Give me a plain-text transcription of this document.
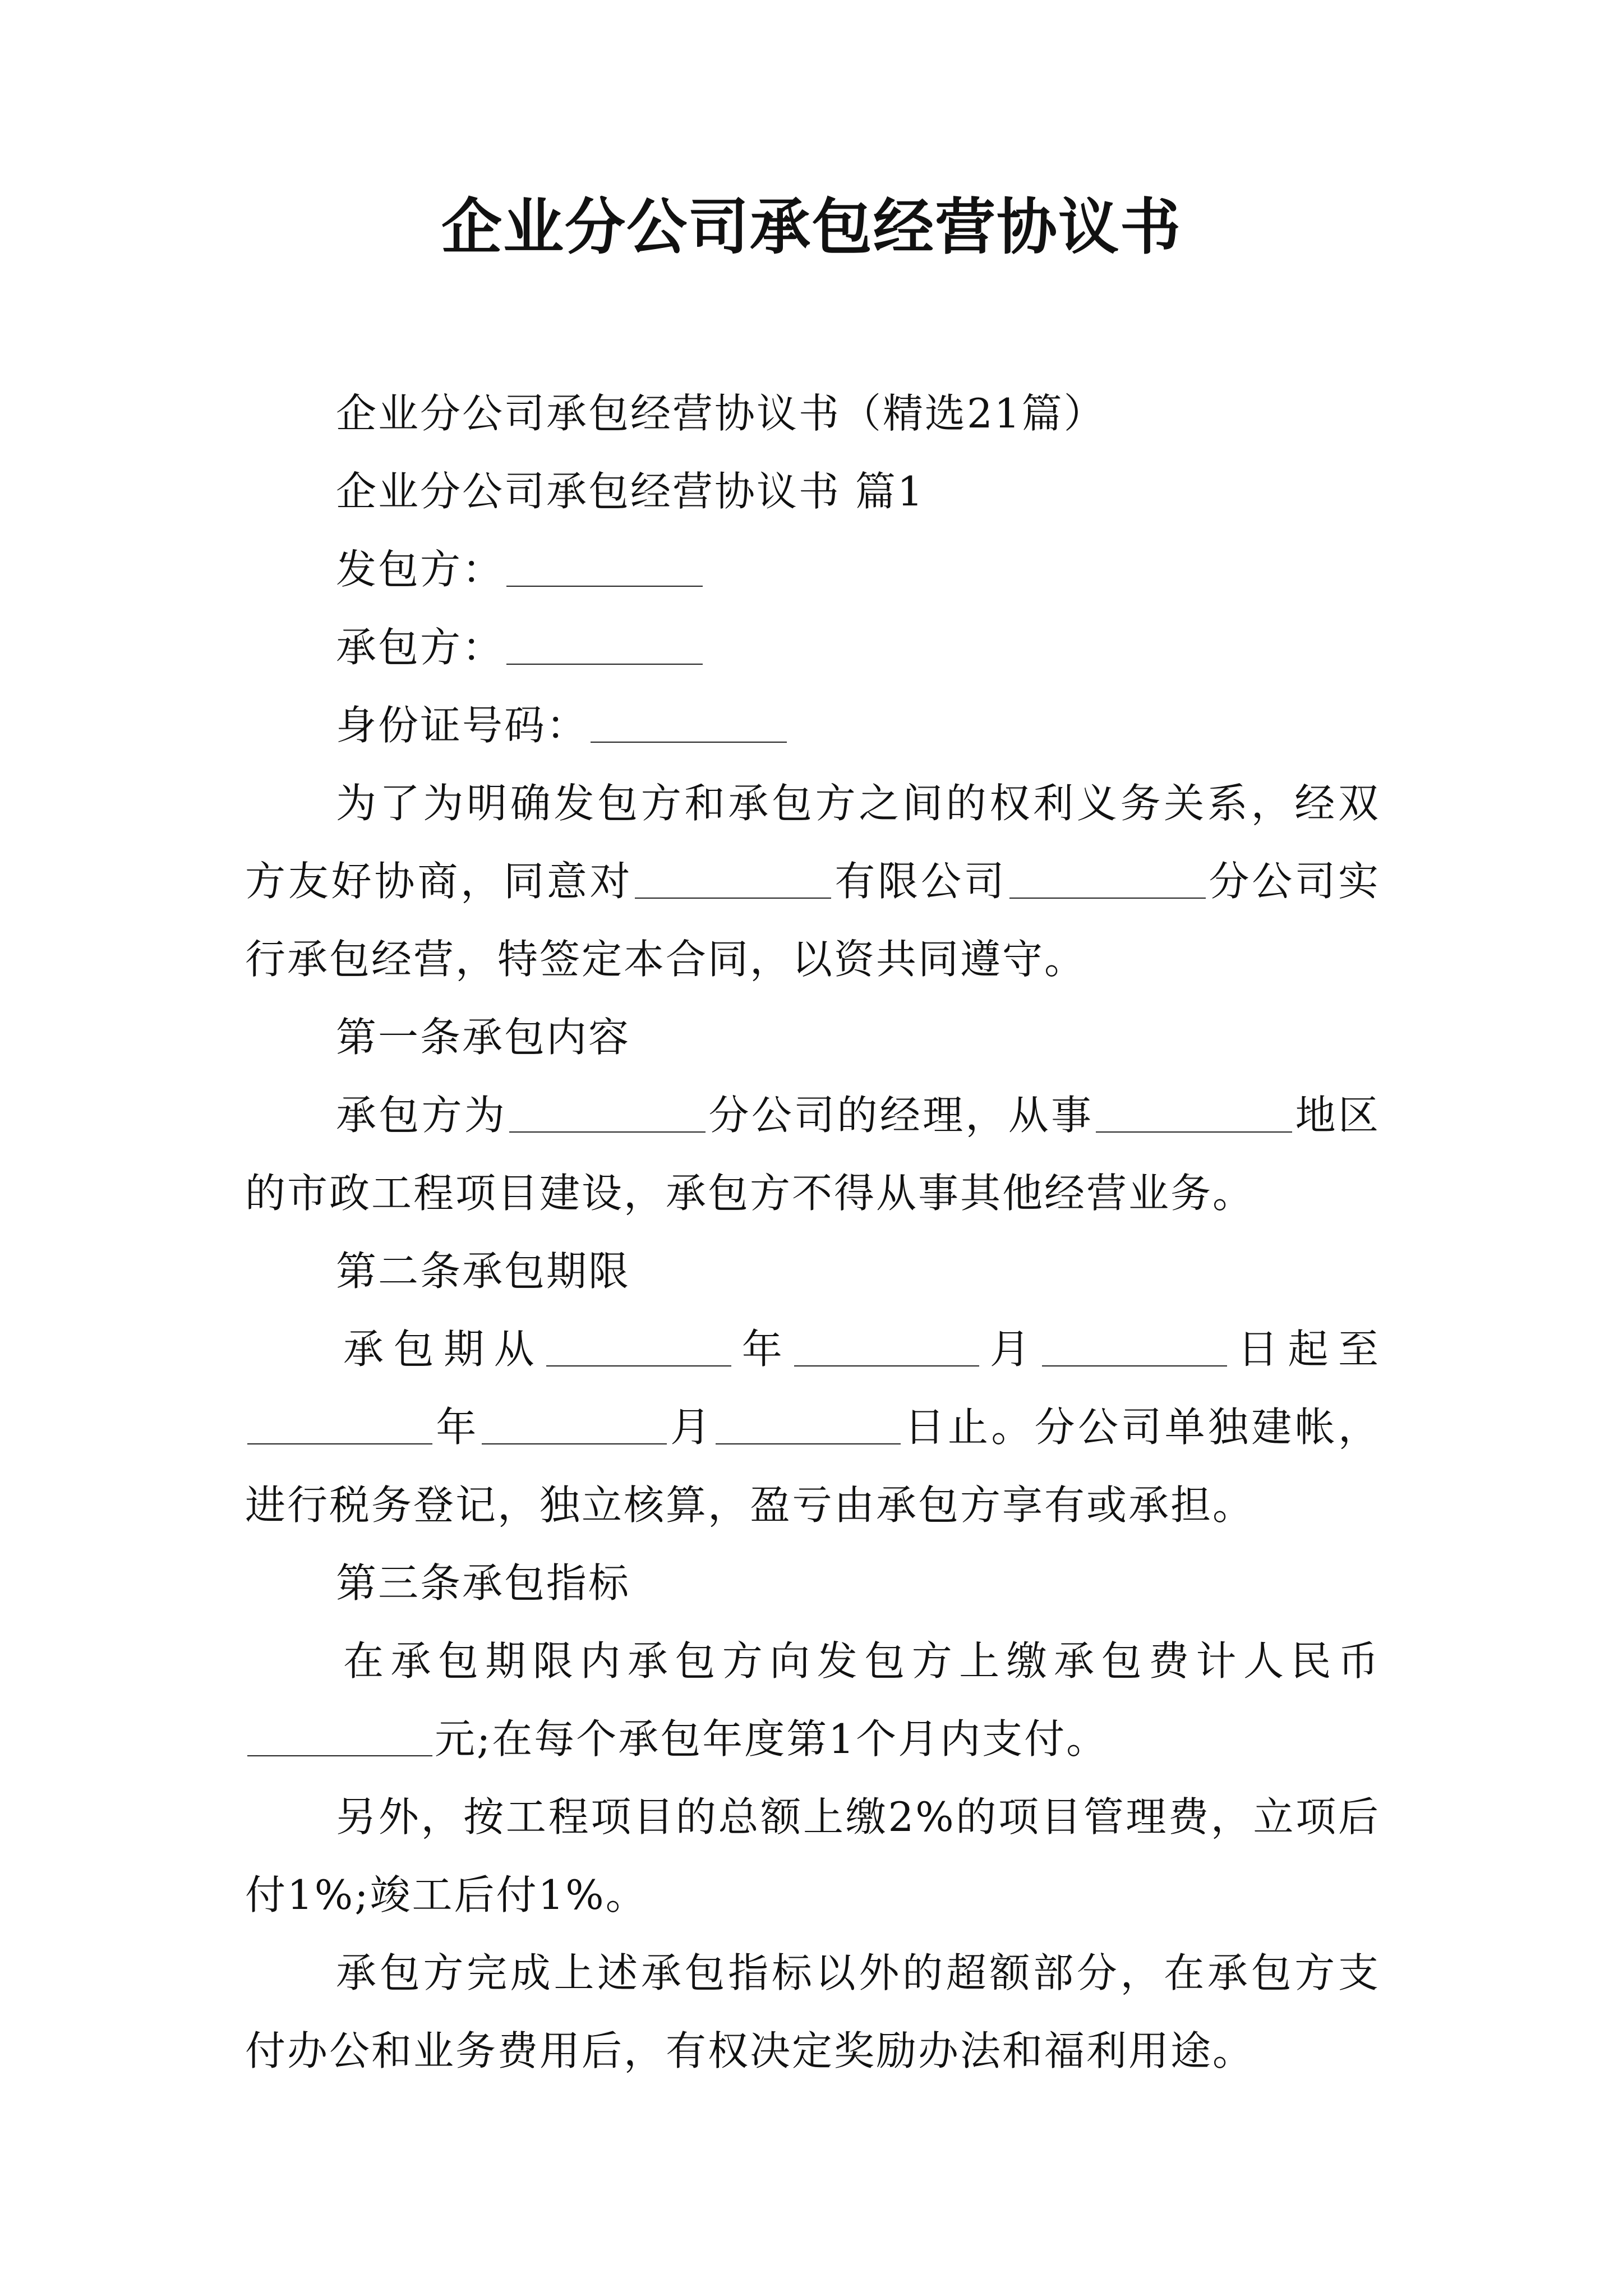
企业分公司承包经营协议书
企业分公司承包经营协议书（精选21篇）
企业分公司承包经营协议书 篇1
发包方：
承包方：
身份证号码：
为了为明确发包方和承包方之间的权利义务关系，经双
方友好协商，同意对	有限公司	分公司实
行承包经营，特签定本合同，以资共同遵守。
第一条承包内容
承包方为	分公司的经理，从事	地区
的市政工程项目建设，承包方不得从事其他经营业务。
第二条承包期限
承包期从	年	月	日起至
年	月	日止。分公司单独建帐，
进行税务登记，独立核算，盈亏由承包方享有或承担。
第三条承包指标
在承包期限内承包方向发包方上缴承包费计人民币
元;在每个承包年度第1个月内支付。
另外，按工程项目的总额上缴2%的项目管理费，立项后
付1%;竣工后付1%。
承包方完成上述承包指标以外的超额部分，在承包方支
付办公和业务费用后，有权决定奖励办法和福利用途。
